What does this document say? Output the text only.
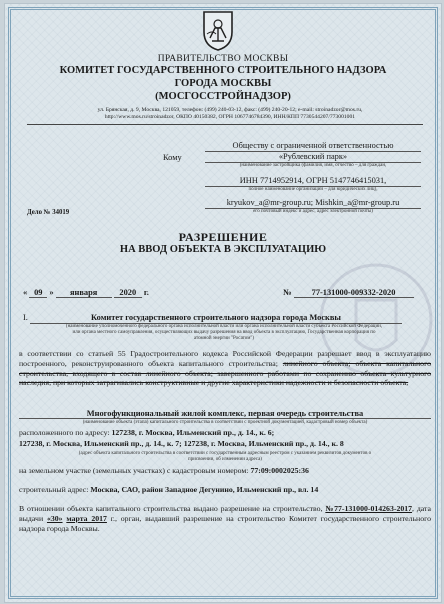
ПРАВИТЕЛЬСТВО МОСКВЫ
КОМИТЕТ ГОСУДАРСТВЕННОГО СТРОИТЕЛЬНОГО НАДЗОРА
ГОРОДА МОСКВЫ
(МОСГОССТРОЙНАДЗОР)
ул. Брянская, д. 9, Москва, 121059, телефон: (499) 240-03-12, факс: (499) 240-20-12; e-mail: stroinadzor@mos.ru,
http://www.mos.ru/stroinadzor, ОКПО 40150382, ОГРН 1067746784390, ИНН/КПП 7730544207/773001001
Кому
Обществу с ограниченной ответственностью
«Рублевский парк»
(наименование застройщика (фамилия, имя, отчество – для граждан,
ИНН 7714952914, ОГРН 5147746415031,
полное наименование организации – для юридических лиц),
kryukov_a@mr-group.ru; Mishkin_a@mr-group.ru
его почтовый индекс и адрес, адрес электронной почты)
Дело № 34019
РАЗРЕШЕНИЕ
НА ВВОД ОБЪЕКТА В ЭКСПЛУАТАЦИЮ
« 09 » января	2020 г.	№ 77-131000-009332-2020
I.	Комитет государственного строительного надзора города Москвы
(наименование уполномоченного федерального органа исполнительной власти или органа исполнительной власти субъекта Российской Федерации,
или органа местного самоуправления, осуществляющих выдачу разрешения на ввод объекта в эксплуатацию, Государственная корпорация по
атомной энергии "Росатом")
в соответствии со статьей 55 Градостроительного кодекса Российской Федерации разрешает ввод в эксплуатацию построенного, реконструированного объекта капитального строительства; линейного объекта; объекта капитального строительства, входящего в состав линейного объекта; завершенного работами по сохранению объекта культурного наследия, при которых затрагивались конструктивные и другие характеристики надежности и безопасности объекта,
Многофункциональный жилой комплекс, первая очередь строительства
(наименование объекта (этапа) капитального строительства в соответствии с проектной документацией, кадастровый номер объекта)
расположенного по адресу: 127238, г. Москва, Ильменский пр., д. 14., к. 6;
127238, г. Москва, Ильменский пр., д. 14., к. 7; 127238, г. Москва, Ильменский пр., д. 14., к. 8
(адрес объекта капитального строительства в соответствии с государственным адресным реестром с указанием реквизитов документов о
присвоении, об изменении адреса)
на земельном участке (земельных участках) с кадастровым номером: 77:09:0002025:36
строительный адрес: Москва, САО, район Западное Дегунино, Ильменский пр., вл. 14
В отношении объекта капитального строительства выдано разрешение на строительство, №77-131000-014263-2017, дата выдачи «30» марта 2017 г., орган, выдавший разрешение на строительство Комитет государственного строительного надзора города Москвы.
